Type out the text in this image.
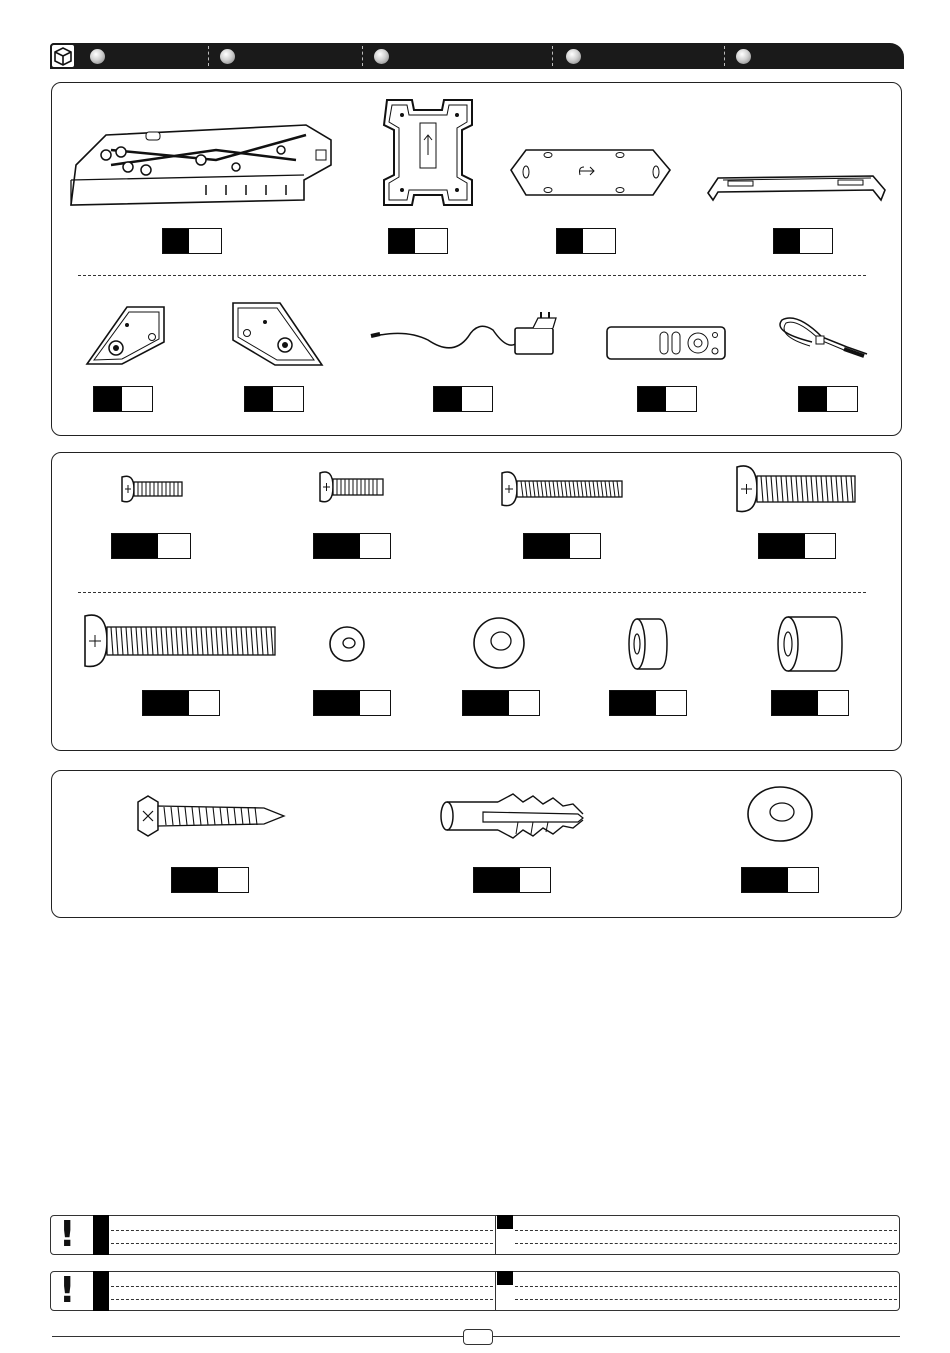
!
!
